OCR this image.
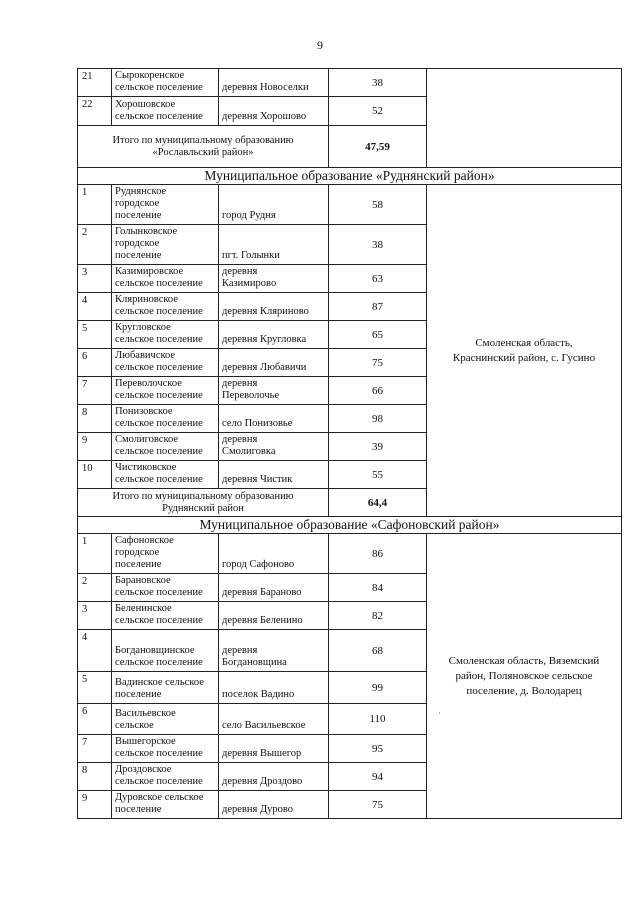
9
21	Сырокоренское
сельское поселение	деревня Новоселки	38	
22	Хорошовское
сельское поселение	деревня Хорошово	52	
Итого по муниципальному образованию
«Рославльский район»			47,59	
Муниципальное образование «Руднянский район»				
1	Руднянское
городское
поселение	город Рудня	58	Смоленская область,
Краснинский район, с. Гусино
2	Голынковское
городское
поселение	пгт. Голынки	38	
3	Казимировское
сельское поселение	деревня
Казимирово	63	
4	Кляриновское
сельское поселение	деревня Кляриново	87	
5	Кругловское
сельское поселение	деревня Кругловка	65	
6	Любавичское
сельское поселение	деревня Любавичи	75	
7	Переволочское
сельское поселение	деревня
Переволочье	66	
8	Понизовское
сельское поселение	село Понизовье	98	
9	Смолиговское
сельское поселение	деревня
Смолиговка	39	
10	Чистиковское
сельское поселение	деревня Чистик	55	
Итого по муниципальному образованию
Руднянский район			64,4	
Муниципальное образование «Сафоновский район»				
1	Сафоновское
городское
поселение	город Сафоново	86	Смоленская область, Вяземский
район, Поляновское сельское
поселение, д. Володарец
2	Барановское
сельское поселение	деревня Бараново	84	
3	Беленинское
сельское поселение	деревня Беленино	82	
4	Богдановщинское
сельское поселение	деревня
Богдановщина	68	
5	Вадинское сельское
поселение	поселок Вадино	99	
6	Васильевское
сельское	село Васильевское	110	
7	Вышегорское
сельское поселение	деревня Вышегор	95	
8	Дроздовское
сельское поселение	деревня Дроздово	94	
9	Дуровское сельское
поселение	деревня Дурово	75	
·
